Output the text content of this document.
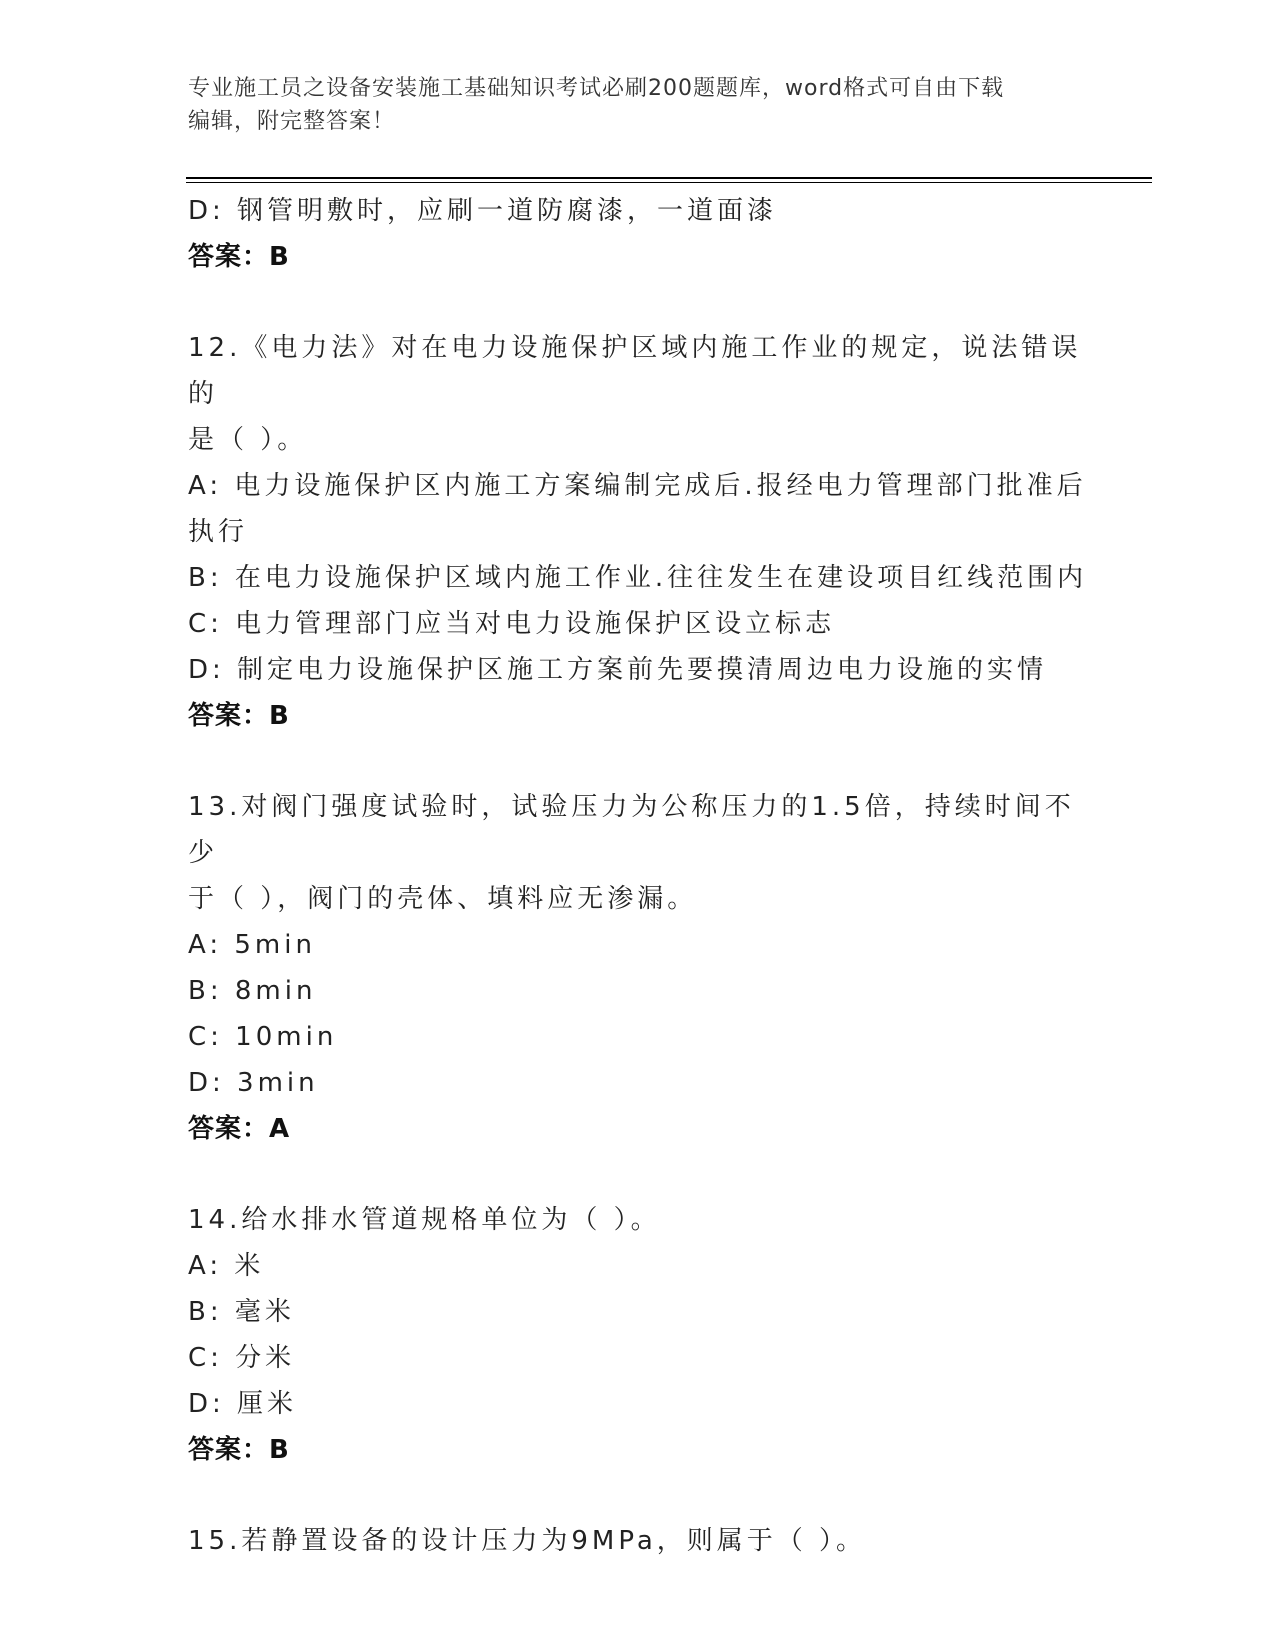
专业施工员之设备安装施工基础知识考试必刷200题题库，word格式可自由下载
编辑，附完整答案！
D: 钢管明敷时，应刷一道防腐漆，一道面漆
答案：B
12.《电力法》对在电力设施保护区域内施工作业的规定，说法错误的
是（ ）。
A: 电力设施保护区内施工方案编制完成后.报经电力管理部门批准后
执行
B: 在电力设施保护区域内施工作业.往往发生在建设项目红线范围内
C: 电力管理部门应当对电力设施保护区设立标志
D: 制定电力设施保护区施工方案前先要摸清周边电力设施的实情
答案：B
13.对阀门强度试验时，试验压力为公称压力的1.5倍，持续时间不少
于（ ），阀门的壳体、填料应无渗漏。
A: 5min
B: 8min
C: 10min
D: 3min
答案：A
14.给水排水管道规格单位为（ ）。
A: 米
B: 毫米
C: 分米
D: 厘米
答案：B
15.若静置设备的设计压力为9MPa，则属于（ ）。
